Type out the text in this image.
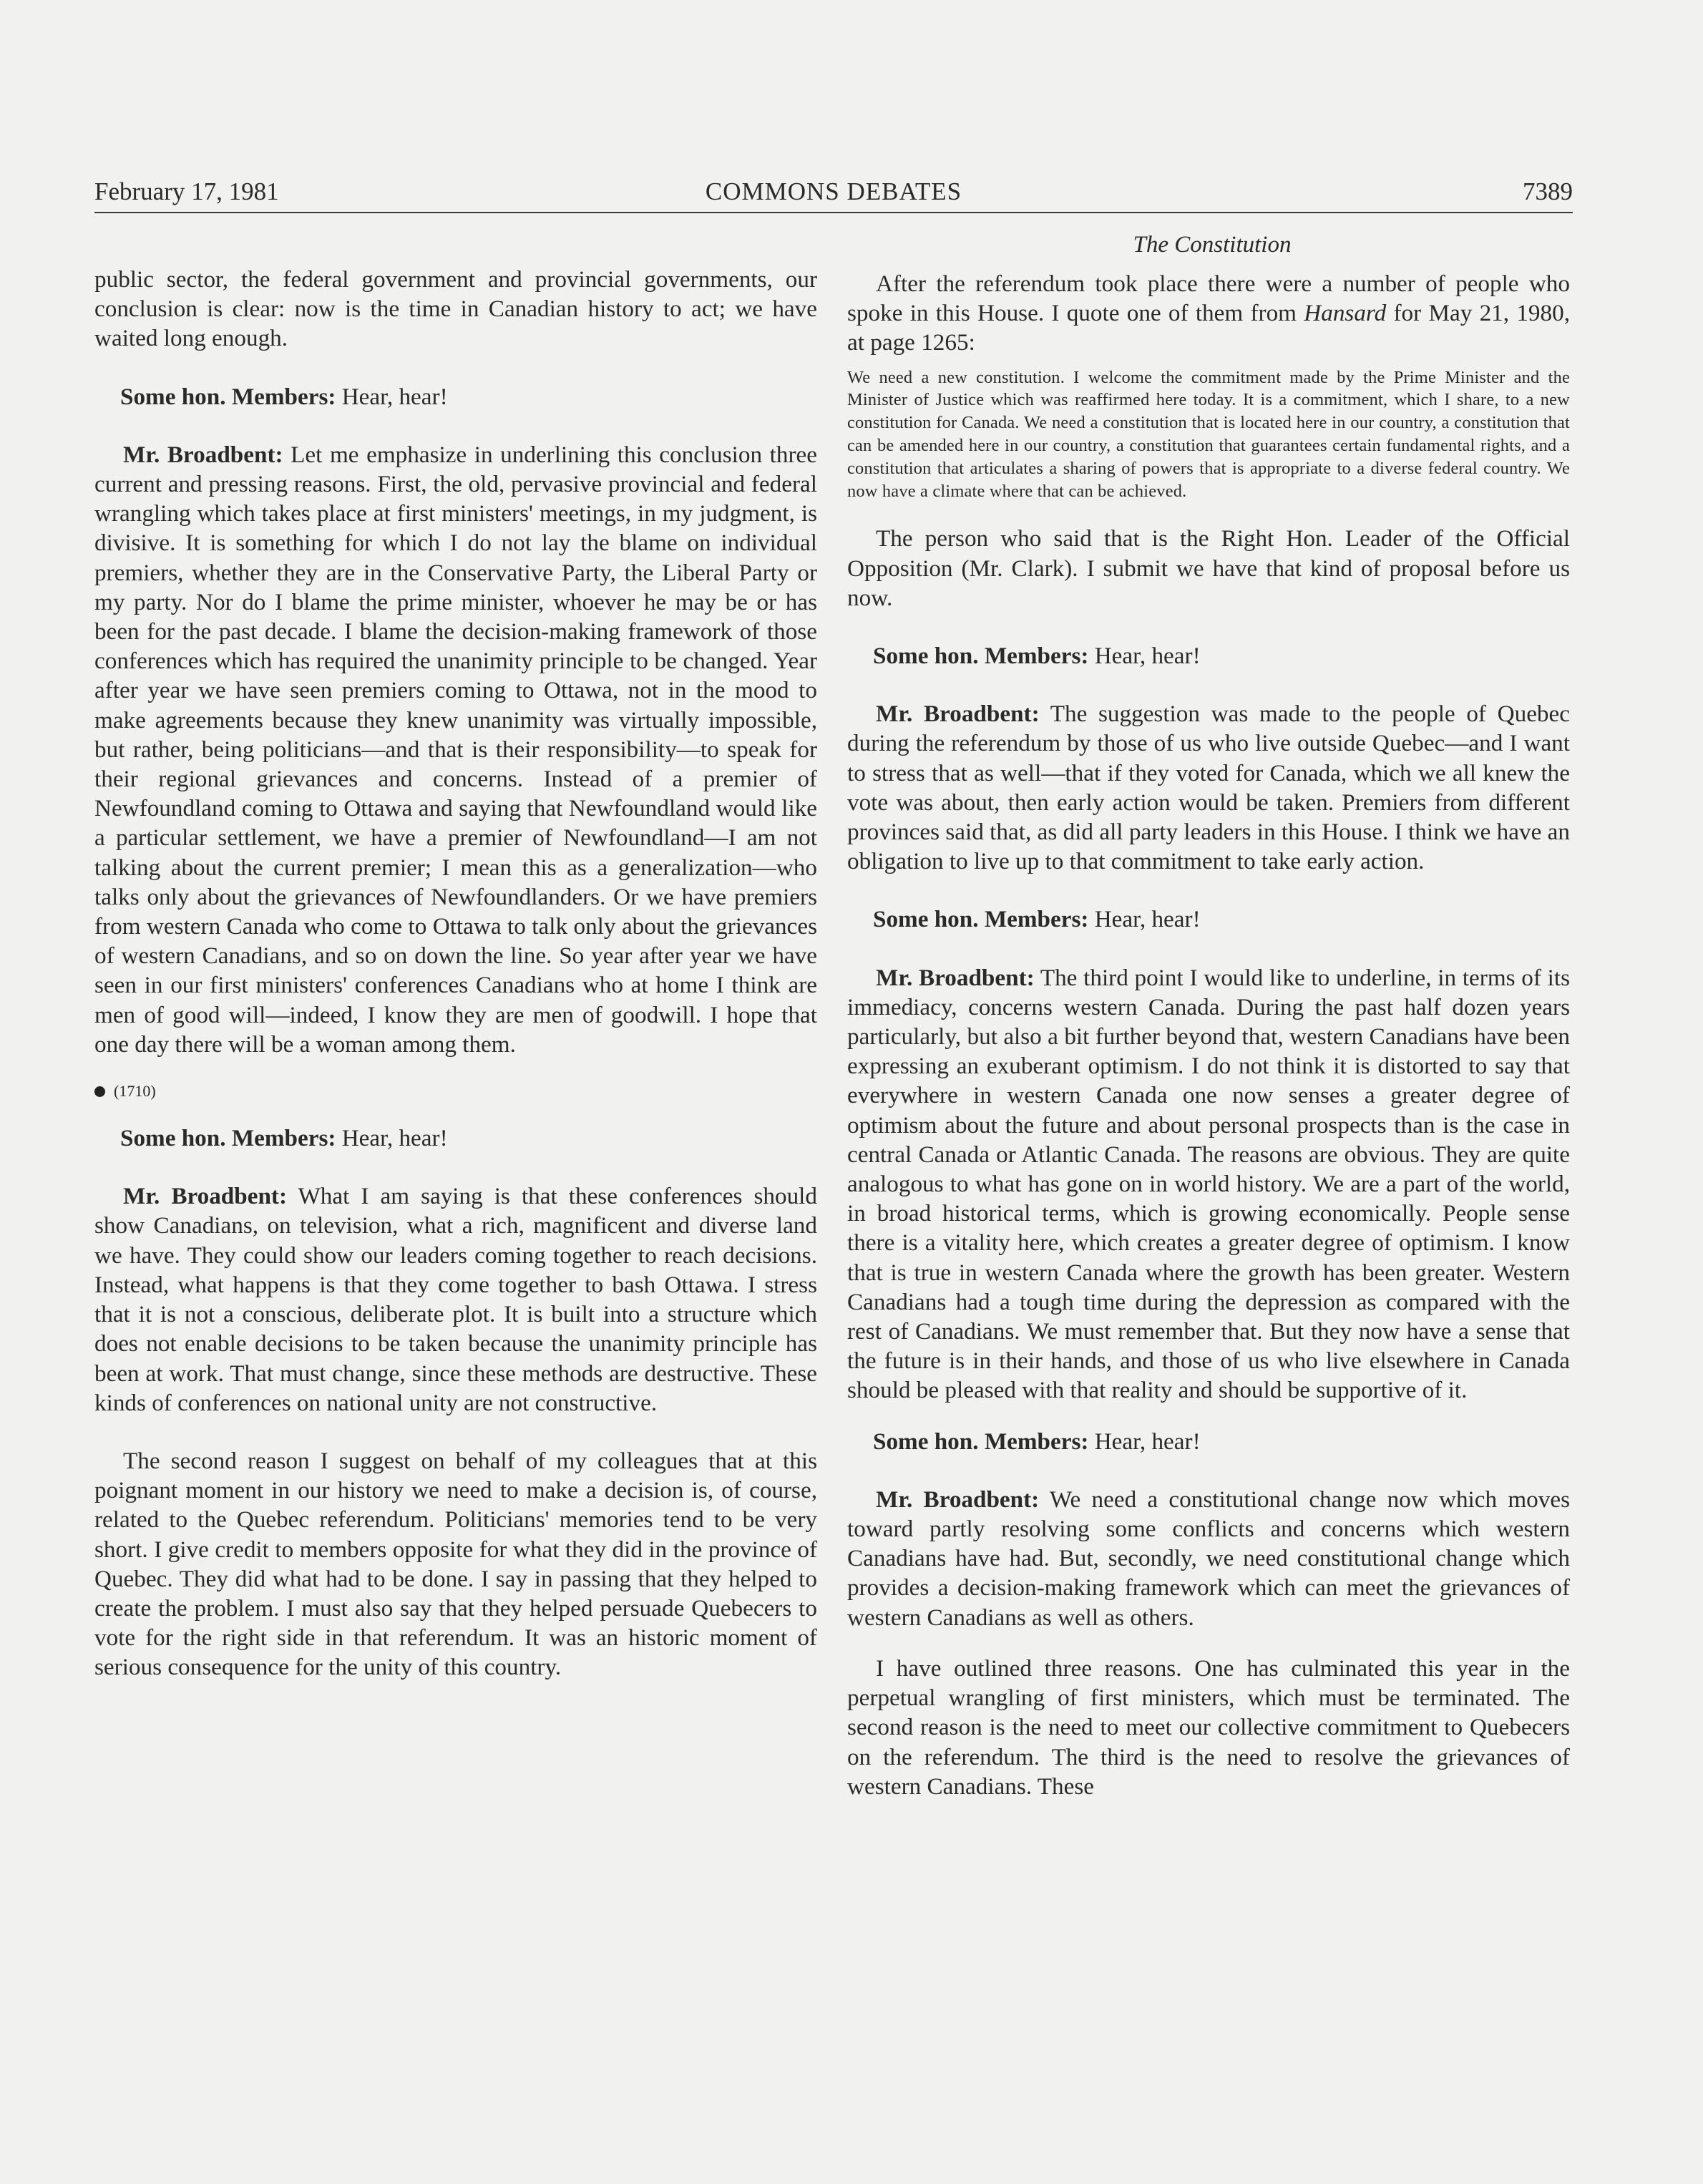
February 17, 1981	COMMONS DEBATES	7389

public sector, the federal government and provincial governments, our conclusion is clear: now is the time in Canadian history to act; we have waited long enough.

Some hon. Members: Hear, hear!

Mr. Broadbent: Let me emphasize in underlining this conclusion three current and pressing reasons. First, the old, pervasive provincial and federal wrangling which takes place at first ministers' meetings, in my judgment, is divisive. It is something for which I do not lay the blame on individual premiers, whether they are in the Conservative Party, the Liberal Party or my party. Nor do I blame the prime minister, whoever he may be or has been for the past decade. I blame the decision-making framework of those conferences which has required the unanimity principle to be changed. Year after year we have seen premiers coming to Ottawa, not in the mood to make agreements because they knew unanimity was virtually impossible, but rather, being politicians—and that is their responsibility—to speak for their regional grievances and concerns. Instead of a premier of Newfoundland coming to Ottawa and saying that Newfoundland would like a particular settlement, we have a premier of Newfoundland—I am not talking about the current premier; I mean this as a generalization—who talks only about the grievances of Newfoundlanders. Or we have premiers from western Canada who come to Ottawa to talk only about the grievances of western Canadians, and so on down the line. So year after year we have seen in our first ministers' conferences Canadians who at home I think are men of good will—indeed, I know they are men of goodwill. I hope that one day there will be a woman among them.

(1710)

Some hon. Members: Hear, hear!

Mr. Broadbent: What I am saying is that these conferences should show Canadians, on television, what a rich, magnificent and diverse land we have. They could show our leaders coming together to reach decisions. Instead, what happens is that they come together to bash Ottawa. I stress that it is not a conscious, deliberate plot. It is built into a structure which does not enable decisions to be taken because the unanimity principle has been at work. That must change, since these methods are destructive. These kinds of conferences on national unity are not constructive.

The second reason I suggest on behalf of my colleagues that at this poignant moment in our history we need to make a decision is, of course, related to the Quebec referendum. Politicians' memories tend to be very short. I give credit to members opposite for what they did in the province of Quebec. They did what had to be done. I say in passing that they helped to create the problem. I must also say that they helped persuade Quebecers to vote for the right side in that referendum. It was an historic moment of serious consequence for the unity of this country.

The Constitution

After the referendum took place there were a number of people who spoke in this House. I quote one of them from Hansard for May 21, 1980, at page 1265:

We need a new constitution. I welcome the commitment made by the Prime Minister and the Minister of Justice which was reaffirmed here today. It is a commitment, which I share, to a new constitution for Canada. We need a constitution that is located here in our country, a constitution that can be amended here in our country, a constitution that guarantees certain fundamental rights, and a constitution that articulates a sharing of powers that is appropriate to a diverse federal country. We now have a climate where that can be achieved.

The person who said that is the Right Hon. Leader of the Official Opposition (Mr. Clark). I submit we have that kind of proposal before us now.

Some hon. Members: Hear, hear!

Mr. Broadbent: The suggestion was made to the people of Quebec during the referendum by those of us who live outside Quebec—and I want to stress that as well—that if they voted for Canada, which we all knew the vote was about, then early action would be taken. Premiers from different provinces said that, as did all party leaders in this House. I think we have an obligation to live up to that commitment to take early action.

Some hon. Members: Hear, hear!

Mr. Broadbent: The third point I would like to underline, in terms of its immediacy, concerns western Canada. During the past half dozen years particularly, but also a bit further beyond that, western Canadians have been expressing an exuberant optimism. I do not think it is distorted to say that everywhere in western Canada one now senses a greater degree of optimism about the future and about personal prospects than is the case in central Canada or Atlantic Canada. The reasons are obvious. They are quite analogous to what has gone on in world history. We are a part of the world, in broad historical terms, which is growing economically. People sense there is a vitality here, which creates a greater degree of optimism. I know that is true in western Canada where the growth has been greater. Western Canadians had a tough time during the depression as compared with the rest of Canadians. We must remember that. But they now have a sense that the future is in their hands, and those of us who live elsewhere in Canada should be pleased with that reality and should be supportive of it.

Some hon. Members: Hear, hear!

Mr. Broadbent: We need a constitutional change now which moves toward partly resolving some conflicts and concerns which western Canadians have had. But, secondly, we need constitutional change which provides a decision-making framework which can meet the grievances of western Canadians as well as others.

I have outlined three reasons. One has culminated this year in the perpetual wrangling of first ministers, which must be terminated. The second reason is the need to meet our collective commitment to Quebecers on the referendum. The third is the need to resolve the grievances of western Canadians. These
